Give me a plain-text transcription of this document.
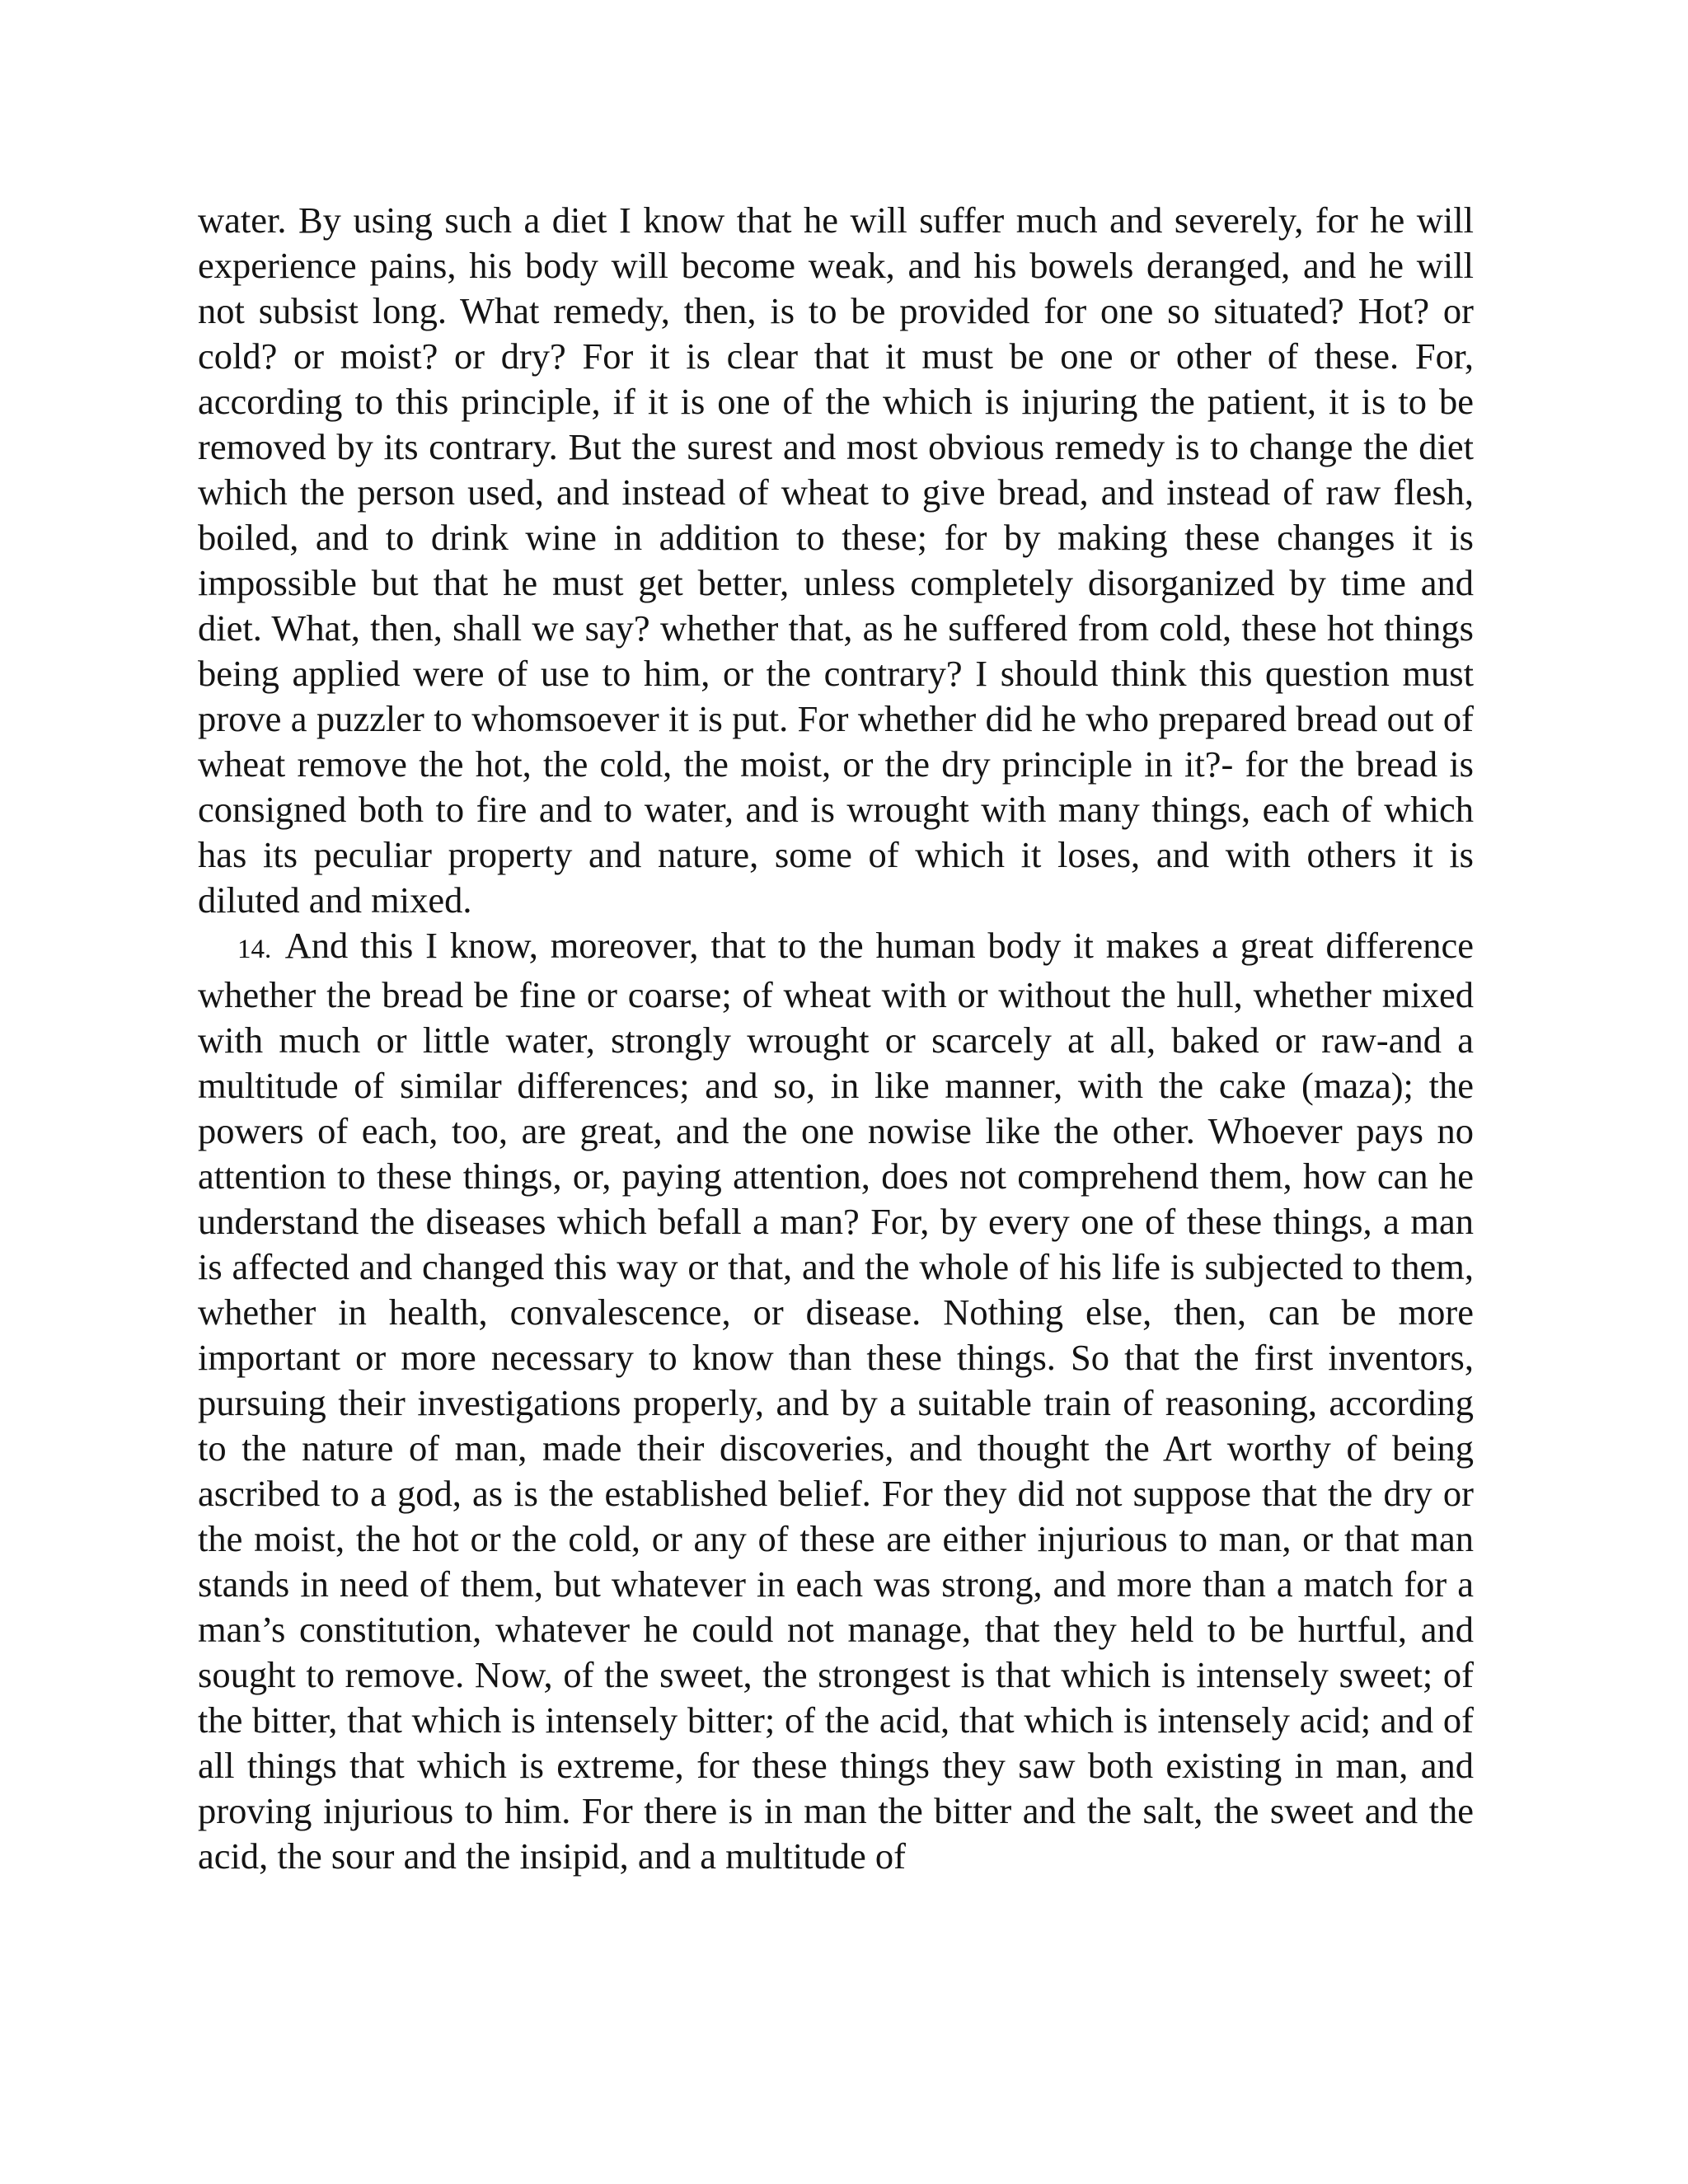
water. By using such a diet I know that he will suffer much and severely, for he will experience pains, his body will become weak, and his bowels deranged, and he will not subsist long. What remedy, then, is to be provided for one so situated? Hot? or cold? or moist? or dry? For it is clear that it must be one or other of these. For, according to this principle, if it is one of the which is injuring the patient, it is to be removed by its contrary. But the surest and most obvious remedy is to change the diet which the person used, and instead of wheat to give bread, and instead of raw flesh, boiled, and to drink wine in addition to these; for by making these changes it is impossible but that he must get better, unless completely disorganized by time and diet. What, then, shall we say? whether that, as he suffered from cold, these hot things being applied were of use to him, or the contrary? I should think this question must prove a puzzler to whomsoever it is put. For whether did he who prepared bread out of wheat remove the hot, the cold, the moist, or the dry principle in it?- for the bread is consigned both to fire and to water, and is wrought with many things, each of which has its peculiar property and nature, some of which it loses, and with others it is diluted and mixed.

14. And this I know, moreover, that to the human body it makes a great difference whether the bread be fine or coarse; of wheat with or without the hull, whether mixed with much or little water, strongly wrought or scarcely at all, baked or raw-and a multitude of similar differences; and so, in like manner, with the cake (maza); the powers of each, too, are great, and the one nowise like the other. Whoever pays no attention to these things, or, paying attention, does not comprehend them, how can he understand the diseases which befall a man? For, by every one of these things, a man is affected and changed this way or that, and the whole of his life is subjected to them, whether in health, convalescence, or disease. Nothing else, then, can be more important or more necessary to know than these things. So that the first inventors, pursuing their investigations properly, and by a suitable train of reasoning, according to the nature of man, made their discoveries, and thought the Art worthy of being ascribed to a god, as is the established belief. For they did not suppose that the dry or the moist, the hot or the cold, or any of these are either injurious to man, or that man stands in need of them, but whatever in each was strong, and more than a match for a man’s constitution, whatever he could not manage, that they held to be hurtful, and sought to remove. Now, of the sweet, the strongest is that which is intensely sweet; of the bitter, that which is intensely bitter; of the acid, that which is intensely acid; and of all things that which is extreme, for these things they saw both existing in man, and proving injurious to him. For there is in man the bitter and the salt, the sweet and the acid, the sour and the insipid, and a multitude of
